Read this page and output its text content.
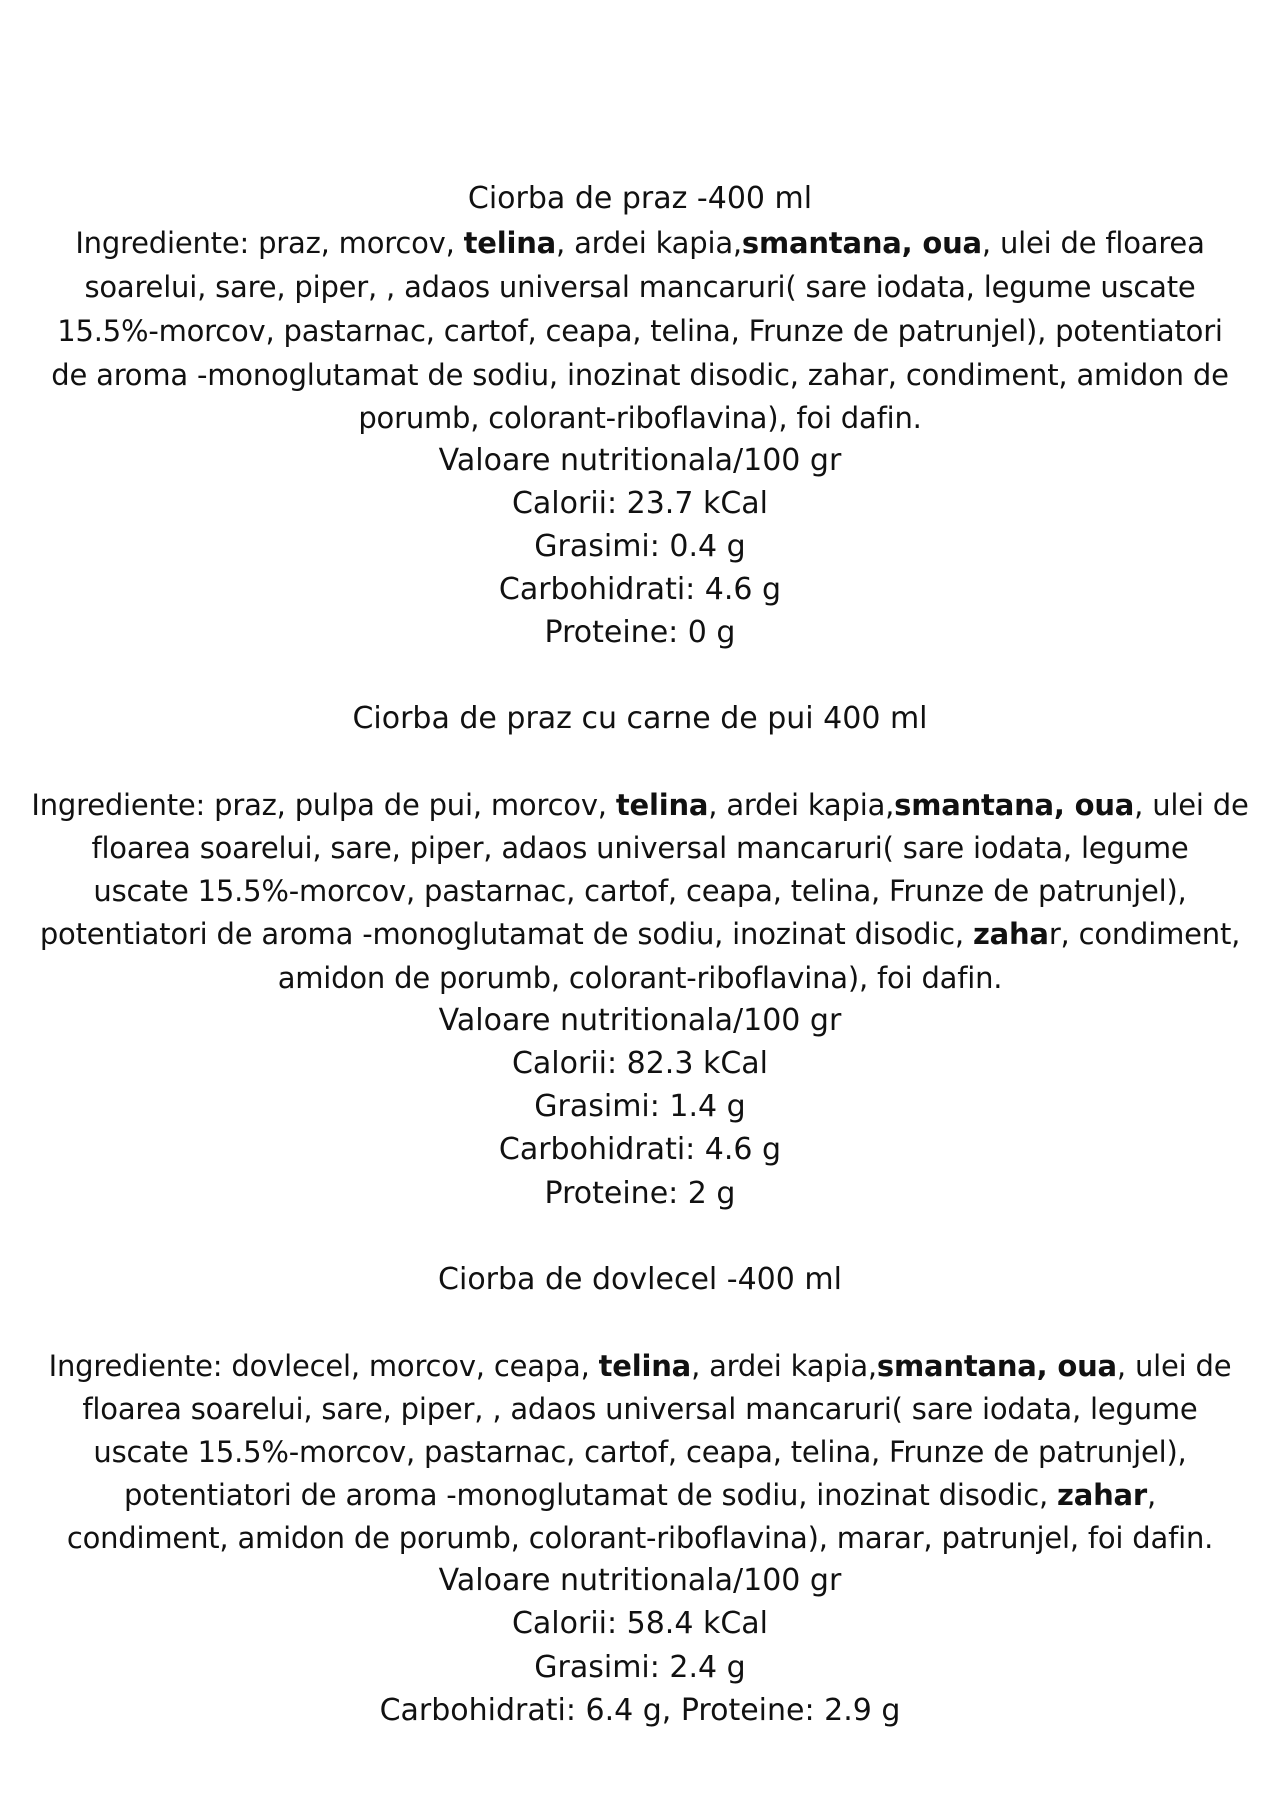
Ciorba de praz -400 ml
Ingrediente: praz, morcov, telina, ardei kapia,smantana, oua, ulei de floarea
soarelui, sare, piper, , adaos universal mancaruri( sare iodata, legume uscate
15.5%-morcov, pastarnac, cartof, ceapa, telina, Frunze de patrunjel), potentiatori
de aroma -monoglutamat de sodiu, inozinat disodic, zahar, condiment, amidon de
porumb, colorant-riboflavina), foi dafin.
Valoare nutritionala/100 gr
Calorii: 23.7 kCal
Grasimi: 0.4 g
Carbohidrati: 4.6 g
Proteine: 0 g
Ciorba de praz cu carne de pui 400 ml
Ingrediente: praz, pulpa de pui, morcov, telina, ardei kapia,smantana, oua, ulei de
floarea soarelui, sare, piper, adaos universal mancaruri( sare iodata, legume
uscate 15.5%-morcov, pastarnac, cartof, ceapa, telina, Frunze de patrunjel),
potentiatori de aroma -monoglutamat de sodiu, inozinat disodic, zahar, condiment,
amidon de porumb, colorant-riboflavina), foi dafin.
Valoare nutritionala/100 gr
Calorii: 82.3 kCal
Grasimi: 1.4 g
Carbohidrati: 4.6 g
Proteine: 2 g
Ciorba de dovlecel -400 ml
Ingrediente: dovlecel, morcov, ceapa, telina, ardei kapia,smantana, oua, ulei de
floarea soarelui, sare, piper, , adaos universal mancaruri( sare iodata, legume
uscate 15.5%-morcov, pastarnac, cartof, ceapa, telina, Frunze de patrunjel),
potentiatori de aroma -monoglutamat de sodiu, inozinat disodic, zahar,
condiment, amidon de porumb, colorant-riboflavina), marar, patrunjel, foi dafin.
Valoare nutritionala/100 gr
Calorii: 58.4 kCal
Grasimi: 2.4 g
Carbohidrati: 6.4 g, Proteine: 2.9 g
